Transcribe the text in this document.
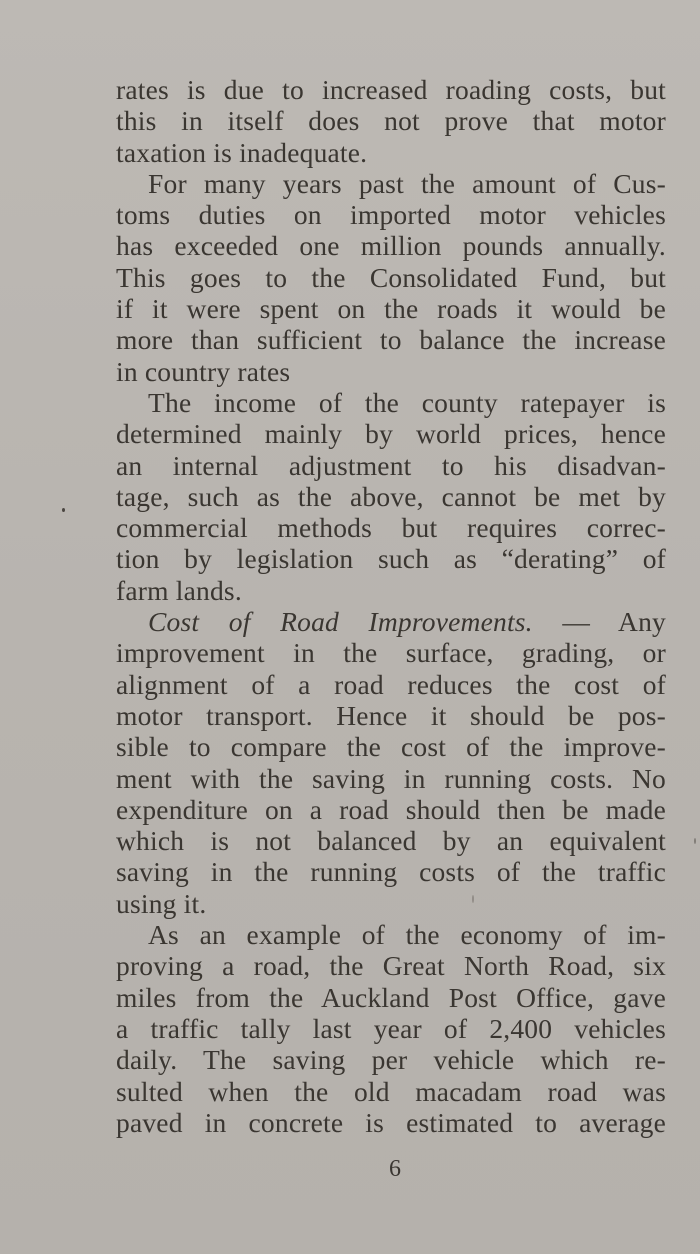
rates is due to increased roading costs, but
this in itself does not prove that motor
taxation is inadequate.
For many years past the amount of Cus-
toms duties on imported motor vehicles
has exceeded one million pounds annually.
This goes to the Consolidated Fund, but
if it were spent on the roads it would be
more than sufficient to balance the increase
in country rates
The income of the county ratepayer is
determined mainly by world prices, hence
an internal adjustment to his disadvan-
tage, such as the above, cannot be met by
commercial methods but requires correc-
tion by legislation such as “derating” of
farm lands.
Cost of Road Improvements. — Any
improvement in the surface, grading, or
alignment of a road reduces the cost of
motor transport. Hence it should be pos-
sible to compare the cost of the improve-
ment with the saving in running costs. No
expenditure on a road should then be made
which is not balanced by an equivalent
saving in the running costs of the traffic
using it.
As an example of the economy of im-
proving a road, the Great North Road, six
miles from the Auckland Post Office, gave
a traffic tally last year of 2,400 vehicles
daily. The saving per vehicle which re-
sulted when the old macadam road was
paved in concrete is estimated to average
6
